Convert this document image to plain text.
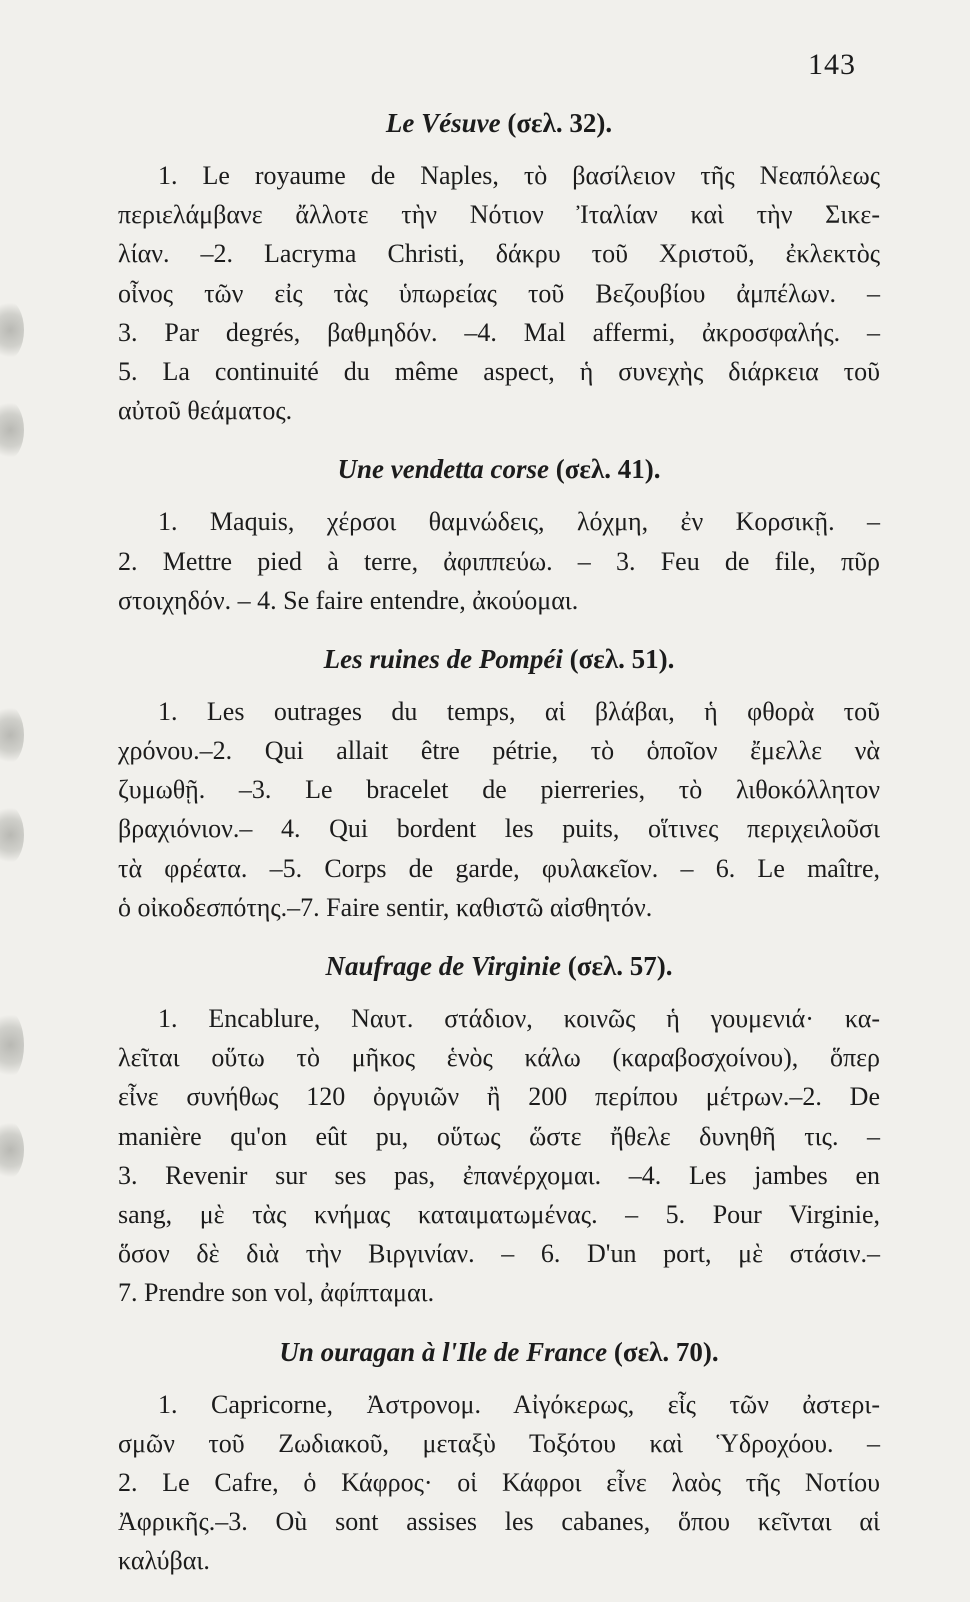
143
Le Vésuve (σελ. 32).
1. Le royaume de Naples, τὸ βασίλειον τῆς Νεαπόλεως
περιελάμβανε ἄλλοτε τὴν Νότιον Ἰταλίαν καὶ τὴν Σικε-
λίαν. –2. Lacryma Christi, δάκρυ τοῦ Χριστοῦ, ἐκλεκτὸς
οἶνος τῶν εἰς τὰς ὑπωρείας τοῦ Βεζουβίου ἀμπέλων. –
3. Par degrés, βαθμηδόν. –4. Mal affermi, ἀκροσφαλής. –
5. La continuité du même aspect, ἡ συνεχὴς διάρκεια τοῦ
αὐτοῦ θεάματος.
Une vendetta corse (σελ. 41).
1. Maquis, χέρσοι θαμνώδεις, λόχμη, ἐν Κορσικῇ. –
2. Mettre pied à terre, ἀφιππεύω. – 3. Feu de file, πῦρ
στοιχηδόν. – 4. Se faire entendre, ἀκούομαι.
Les ruines de Pompéi (σελ. 51).
1. Les outrages du temps, αἱ βλάβαι, ἡ φθορὰ τοῦ
χρόνου.–2. Qui allait être pétrie, τὸ ὁποῖον ἔμελλε νὰ
ζυμωθῇ. –3. Le bracelet de pierreries, τὸ λιθοκόλλητον
βραχιόνιον.– 4. Qui bordent les puits, οἵτινες περιχειλοῦσι
τὰ φρέατα. –5. Corps de garde, φυλακεῖον. – 6. Le maître,
ὁ οἰκοδεσπότης.–7. Faire sentir, καθιστῶ αἰσθητόν.
Naufrage de Virginie (σελ. 57).
1. Encablure, Ναυτ. στάδιον, κοινῶς ἡ γουμενιά· κα-
λεῖται οὕτω τὸ μῆκος ἑνὸς κάλω (καραβοσχοίνου), ὅπερ
εἶνε συνήθως 120 ὀργυιῶν ἢ 200 περίπου μέτρων.–2. De
manière qu'on eût pu, οὕτως ὥστε ἤθελε δυνηθῆ τις. –
3. Revenir sur ses pas, ἐπανέρχομαι. –4. Les jambes en
sang, μὲ τὰς κνήμας καταιματωμένας. – 5. Pour Virginie,
ὅσον δὲ διὰ τὴν Βιργινίαν. – 6. D'un port, μὲ στάσιν.–
7. Prendre son vol, ἀφίπταμαι.
Un ouragan à l'Ile de France (σελ. 70).
1. Capricorne, Ἀστρονομ. Αἰγόκερως, εἷς τῶν ἀστερι-
σμῶν τοῦ Ζωδιακοῦ, μεταξὺ Τοξότου καὶ Ὑδροχόου. –
2. Le Cafre, ὁ Κάφρος· οἱ Κάφροι εἶνε λαὸς τῆς Νοτίου
Ἀφρικῆς.–3. Où sont assises les cabanes, ὅπου κεῖνται αἱ
καλύβαι.
